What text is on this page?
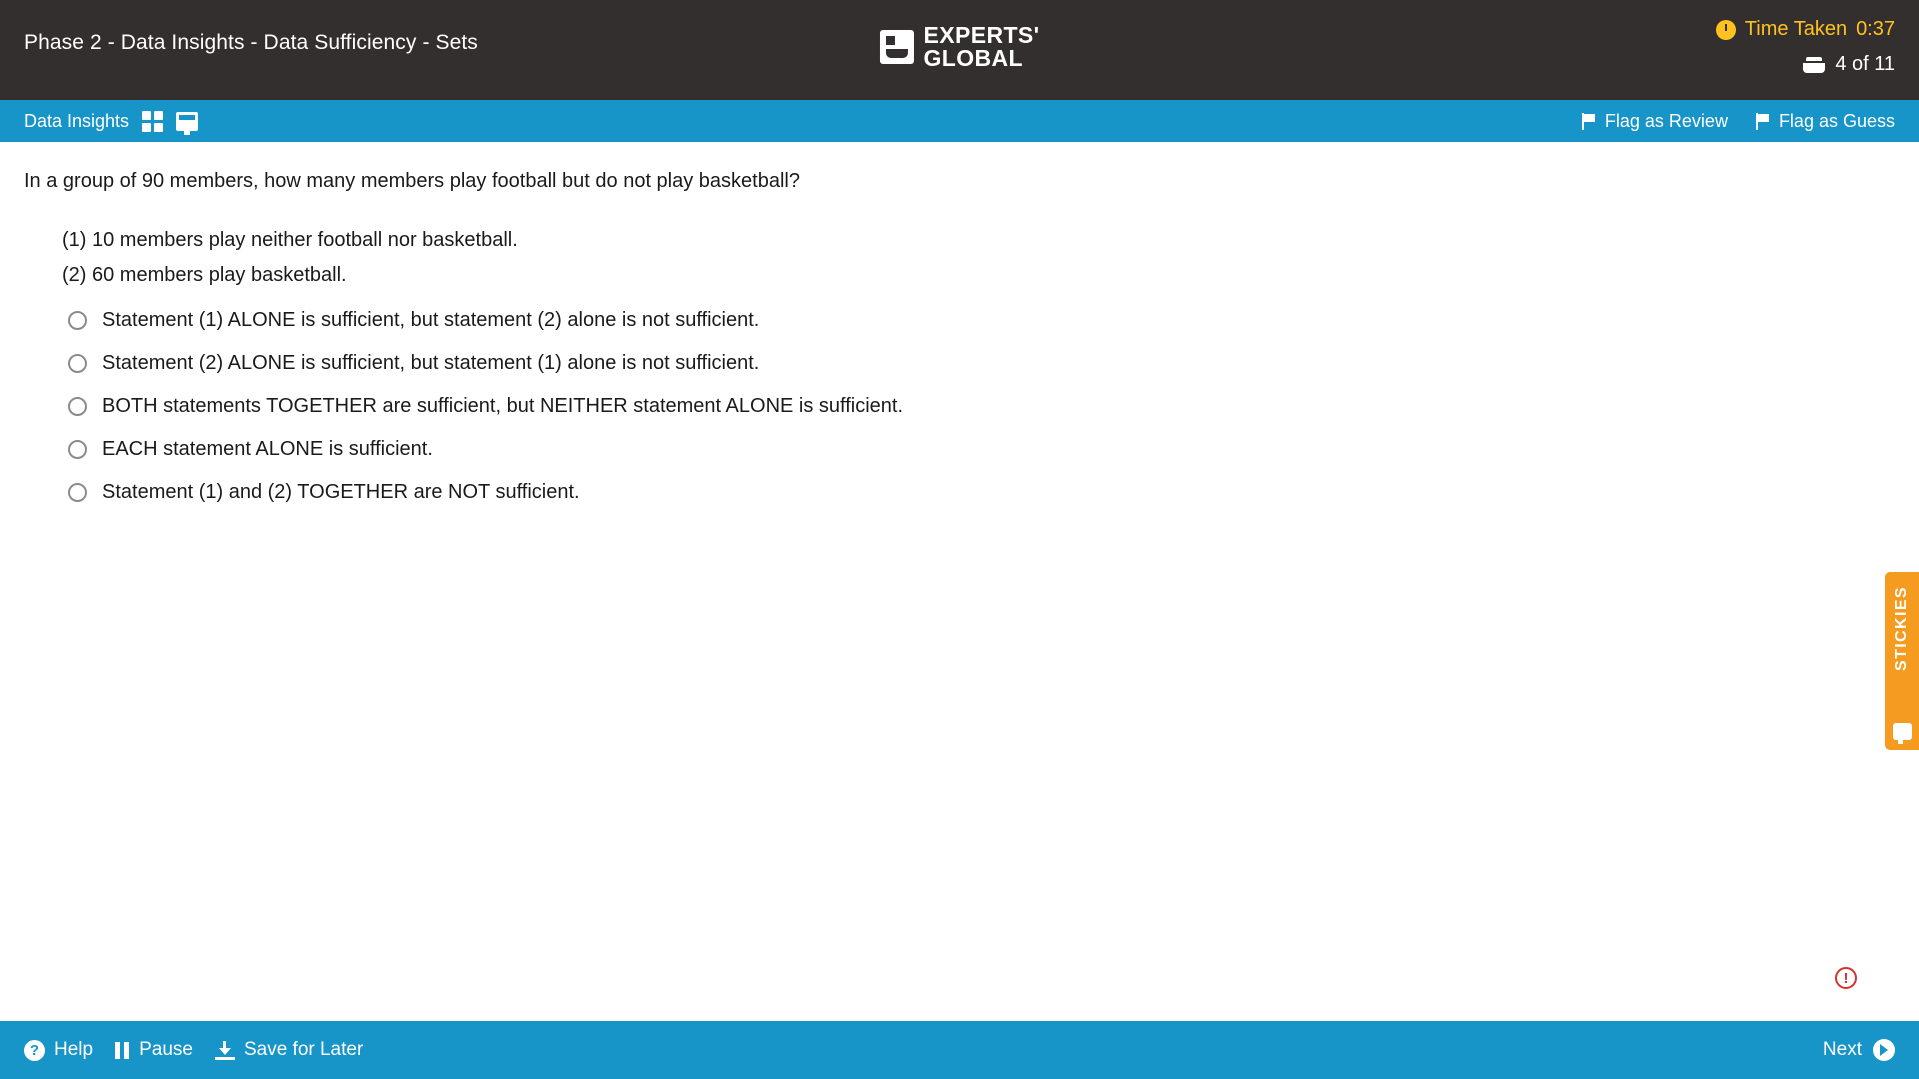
Phase 2 - Data Insights - Data Sufficiency - Sets	EXPERTS'
GLOBAL
Time Taken 0:37
4 of 11
Data Insights	Flag as Review	Flag as Guess

In a group of 90 members, how many members play football but do not play basketball?

(1) 10 members play neither football nor basketball.
(2) 60 members play basketball.
Statement (1) ALONE is sufficient, but statement (2) alone is not sufficient.
Statement (2) ALONE is sufficient, but statement (1) alone is not sufficient.
BOTH statements TOGETHER are sufficient, but NEITHER statement ALONE is sufficient.
EACH statement ALONE is sufficient.
Statement (1) and (2) TOGETHER are NOT sufficient.
STICKIES
!
? Help Pause	Save for Later	Next
